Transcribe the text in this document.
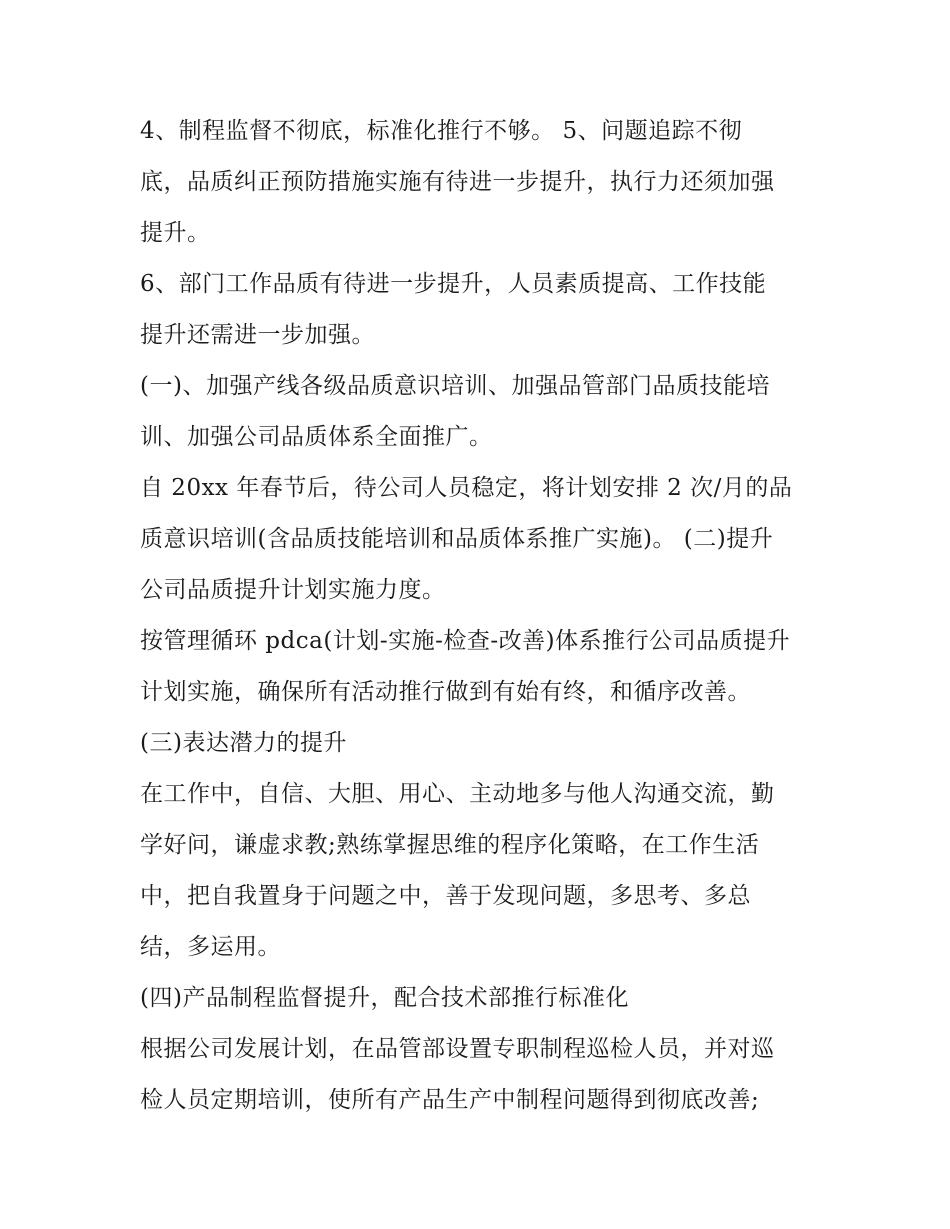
4、制程监督不彻底，标准化推行不够。 5、问题追踪不彻
底，品质纠正预防措施实施有待进一步提升，执行力还须加强
提升。
6、部门工作品质有待进一步提升，人员素质提高、工作技能
提升还需进一步加强。
(一)、加强产线各级品质意识培训、加强品管部门品质技能培
训、加强公司品质体系全面推广。
自 20xx 年春节后，待公司人员稳定，将计划安排 2 次/月的品
质意识培训(含品质技能培训和品质体系推广实施)。 (二)提升
公司品质提升计划实施力度。
按管理循环 pdca(计划-实施-检查-改善)体系推行公司品质提升
计划实施，确保所有活动推行做到有始有终，和循序改善。
(三)表达潜力的提升
在工作中，自信、大胆、用心、主动地多与他人沟通交流，勤
学好问，谦虚求教;熟练掌握思维的程序化策略，在工作生活
中，把自我置身于问题之中，善于发现问题，多思考、多总
结，多运用。
(四)产品制程监督提升，配合技术部推行标准化
根据公司发展计划，在品管部设置专职制程巡检人员，并对巡
检人员定期培训，使所有产品生产中制程问题得到彻底改善;
